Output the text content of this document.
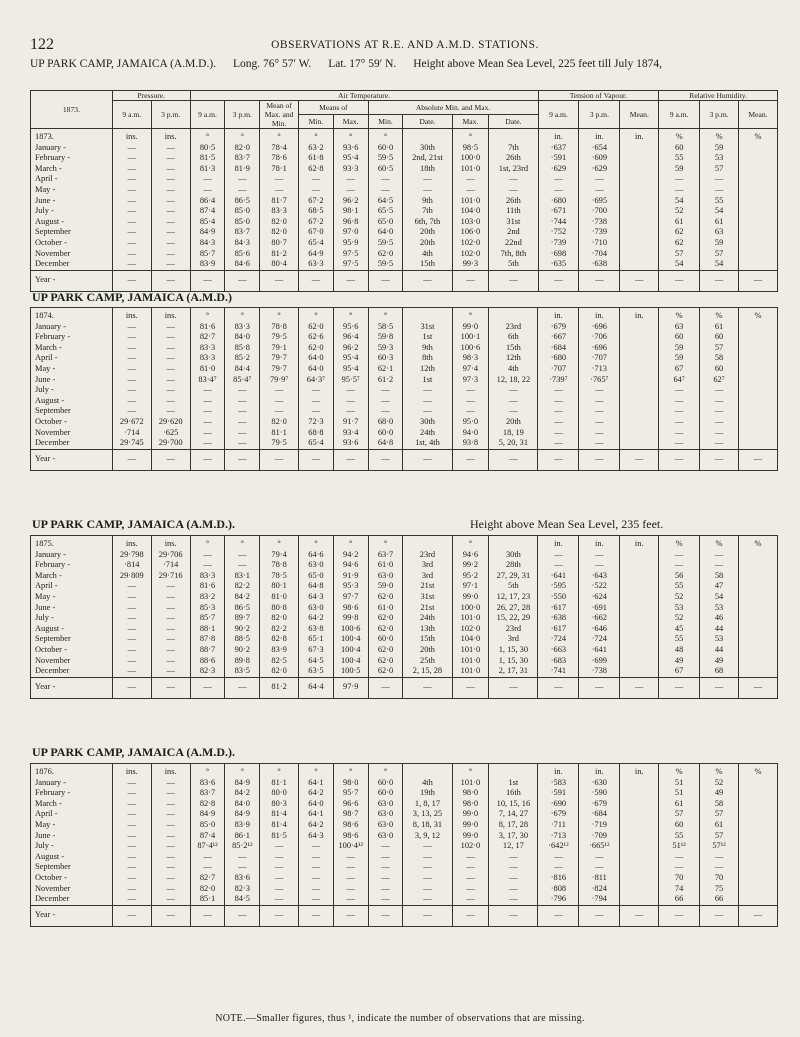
122	OBSERVATIONS AT R.E. AND A.M.D. STATIONS.
UP PARK CAMP, JAMAICA (A.M.D.). Long. 76° 57′ W. Lat. 17° 59′ N. Height above Mean Sea Level, 225 feet till July 1874,
UP PARK CAMP, JAMAICA (A.M.D.)
UP PARK CAMP, JAMAICA (A.M.D.).	Height above Mean Sea Level, 235 feet.
UP PARK CAMP, JAMAICA (A.M.D.).
1873.	Pressure.		Air Temperature.									Tension of Vapour.			Relative Humidity.		
	9 a.m.	3 p.m.	9 a.m.	3 p.m.	Mean of Max. and Min.	Means of		Absolute Min. and Max.				9 a.m.	3 p.m.	Mean.	9 a.m.	3 p.m.	Mean.
						Min.	Max.	Min.	Date.	Max.	Date.						
1873.	ins.	ins.	°	°	°	°	°	°		°		in.	in.	in.	%	%	%
January -	—	—	80·5	82·0	78·4	63·2	93·6	60·0	30th	98·5	7th	·637	·654		60	59	
February -	—	—	81·5	83·7	78·6	61·8	95·4	59·5	2nd, 21st	100·0	26th	·591	·609		55	53	
March -	—	—	81·3	81·9	78·1	62·8	93·3	60·5	18th	101·0	1st, 23rd	·629	·629		59	57	
April -	—	—	—	—	—	—	—	—	—	—	—	—	—		—	—	
May -	—	—	—	—	—	—	—	—	—	—	—	—	—		—	—	
June -	—	—	86·4	86·5	81·7	67·2	96·2	64·5	9th	101·0	26th	·680	·695		54	55	
July -	—	—	87·4	85·0	83·3	68·5	98·1	65·5	7th	104·0	11th	·671	·700		52	54	
August -	—	—	85·4	85·0	82·0	67·2	96·8	65·0	6th, 7th	103·0	31st	·744	·738		61	61	
September	—	—	84·9	83·7	82·0	67·0	97·0	64·0	20th	106·0	2nd	·752	·739		62	63	
October -	—	—	84·3	84·3	80·7	65·4	95·9	59·5	20th	102·0	22nd	·739	·710		62	59	
November	—	—	85·7	85·6	81·2	64·9	97·5	62·0	4th	102·0	7th, 8th	·698	·704		57	57	
December	—	—	83·9	84·6	80·4	63·3	97·5	59·5	15th	99·3	5th	·635	·638		54	54	
Year -	—	—	—	—	—	—	—	—	—	—	—	—	—	—	—	—	—
1874.	ins.	ins.	°	°	°	°	°	°		°		in.	in.	in.	%	%	%
January -	—	—	81·6	83·3	78·8	62·0	95·6	58·5	31st	99·0	23rd	·679	·696		63	61	
February -	—	—	82·7	84·0	79·5	62·6	96·4	59·8	1st	100·1	6th	·667	·706		60	60	
March -	—	—	83·3	85·8	79·1	62·0	96·2	59·3	9th	100·6	15th	·684	·696		59	57	
April -	—	—	83·3	85·2	79·7	64·0	95·4	60·3	8th	98·3	12th	·680	·707		59	58	
May -	—	—	81·0	84·4	79·7	64·0	95·4	62·1	12th	97·4	4th	·707	·713		67	60	
June -	—	—	83·4⁷	85·4⁷	79·9⁷	64·3⁷	95·5⁷	61·2	1st	97·3	12, 18, 22	·739⁷	·765⁷		64⁷	62⁷	
July -	—	—	—	—	—	—	—	—	—	—	—	—	—		—	—	
August -	—	—	—	—	—	—	—	—	—	—	—	—	—		—	—	
September	—	—	—	—	—	—	—	—	—	—	—	—	—		—	—	
October -	29·672	29·620	—	—	82·0	72·3	91·7	68·0	30th	95·0	20th	—	—		—	—	
November	·714	·625	—	—	81·1	68·8	93·4	60·0	24th	94·0	18, 19	—	—		—	—	
December	29·745	29·700	—	—	79·5	65·4	93·6	64·8	1st, 4th	93·8	5, 20, 31	—	—		—	—	
Year -	—	—	—	—	—	—	—	—	—	—	—	—	—	—	—	—	—
1875.	ins.	ins.	°	°	°	°	°	°		°		in.	in.	in.	%	%	%
January -	29·798	29·706	—	—	79·4	64·6	94·2	63·7	23rd	94·6	30th	—	—		—	—	
February -	·814	·714	—	—	78·8	63·0	94·6	61·0	3rd	99·2	28th	—	—		—	—	
March -	29·809	29·716	83·3	83·1	78·5	65·0	91·9	63·0	3rd	95·2	27, 29, 31	·641	·643		56	58	
April -	—	—	81·6	82·2	80·1	64·8	95·3	59·0	21st	97·1	5th	·595	·522		55	47	
May -	—	—	83·2	84·2	81·0	64·3	97·7	62·0	31st	99·0	12, 17, 23	·550	·624		52	54	
June -	—	—	85·3	86·5	80·8	63·0	98·6	61·0	21st	100·0	26, 27, 28	·617	·691		53	53	
July -	—	—	85·7	89·7	82·0	64·2	99·8	62·0	24th	101·0	15, 22, 29	·638	·662		52	46	
August -	—	—	88·1	90·2	82·2	63·8	100·6	62·0	13th	102·0	23rd	·617	·646		45	44	
September	—	—	87·8	88·5	82·8	65·1	100·4	60·0	15th	104·0	3rd	·724	·724		55	53	
October -	—	—	88·7	90·2	83·9	67·3	100·4	62·0	20th	101·0	1, 15, 30	·663	·641		48	44	
November	—	—	88·6	89·8	82·5	64·5	100·4	62·0	25th	101·0	1, 15, 30	·683	·699		49	49	
December	—	—	82·3	83·5	82·0	63·5	100·5	62·0	2, 15, 28	101·0	2, 17, 31	·741	·738		67	68	
Year -	—	—	—	—	81·2	64·4	97·9	—	—	—	—	—	—	—	—	—	—
1876.	ins.	ins.	°	°	°	°	°	°		°		in.	in.	in.	%	%	%
January -	—	—	83·6	84·9	81·1	64·1	98·0	60·0	4th	101·0	1st	·583	·630		51	52	
February -	—	—	83·7	84·2	80·0	64·2	95·7	60·0	19th	98·0	16th	·591	·590		51	49	
March -	—	—	82·8	84·0	80·3	64·0	96·6	63·0	1, 8, 17	98·0	10, 15, 16	·690	·679		61	58	
April -	—	—	84·9	84·9	81·4	64·1	98·7	63·0	3, 13, 25	99·0	7, 14, 27	·679	·684		57	57	
May -	—	—	85·0	83·9	81·4	64·2	98·6	63·0	8, 18, 31	99·0	8, 17, 28	·711	·719		60	61	
June -	—	—	87·4	86·1	81·5	64·3	98·6	63·0	3, 9, 12	99·0	3, 17, 30	·713	·709		55	57	
July -	—	—	87·4¹²	85·2¹²	—	—	100·4¹²	—	—	102·0	12, 17	·642¹²	·665¹²		51¹²	57¹²	
August -	—	—	—	—	—	—	—	—	—	—	—	—	—		—	—	
September	—	—	—	—	—	—	—	—	—	—	—	—	—		—	—	
October -	—	—	82·7	83·6	—	—	—	—	—	—	—	·816	·811		70	70	
November	—	—	82·0	82·3	—	—	—	—	—	—	—	·808	·824		74	75	
December	—	—	85·1	84·5	—	—	—	—	—	—	—	·796	·794		66	66	
Year -	—	—	—	—	—	—	—	—	—	—	—	—	—	—	—	—	—
NOTE.—Smaller figures, thus ¹, indicate the number of observations that are missing.
